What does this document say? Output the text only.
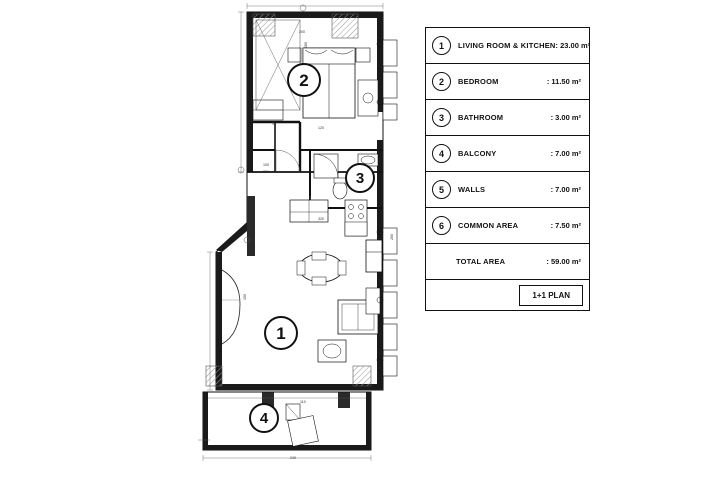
200
280
120
100
220
90
320
150
240
110
260
2
3
1
4
1	LIVING ROOM & KITCHEN : 23.00 m²
2	BEDROOM	: 11.50 m²
3	BATHROOM	: 3.00 m²
4	BALCONY	: 7.00 m²
5	WALLS	: 7.00 m²
6	COMMON AREA	: 7.50 m²
TOTAL AREA	: 59.00 m²
1+1 PLAN
